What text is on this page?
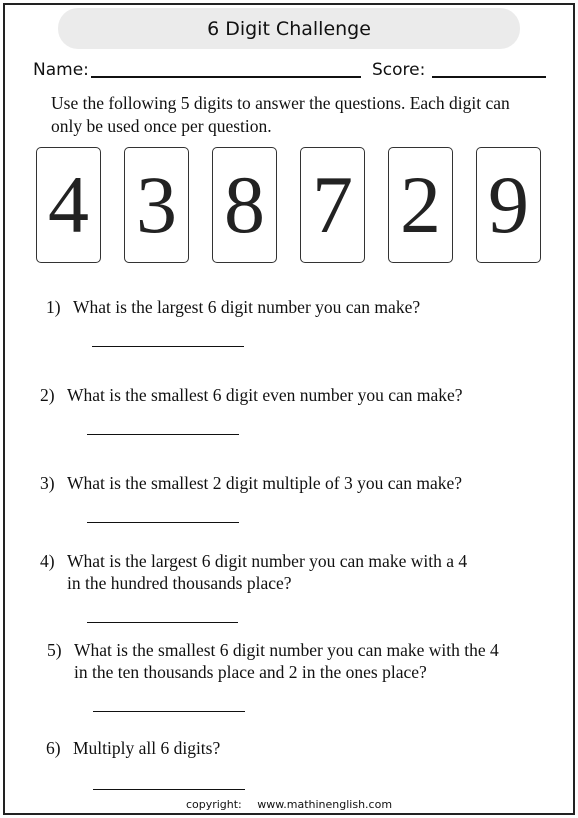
6 Digit Challenge
Name:	Score:
Use the following 5 digits to answer the questions. Each digit can only be used once per question.
4 3 8 7 2 9
1) What is the largest 6 digit number you can make?
2) What is the smallest 6 digit even number you can make?
3) What is the smallest 2 digit multiple of 3 you can make?
4) What is the largest 6 digit number you can make with a 4
in the hundred thousands place?
5) What is the smallest 6 digit number you can make with the 4
in the ten thousands place and 2 in the ones place?
6) Multiply all 6 digits?
copyright: www.mathinenglish.com
